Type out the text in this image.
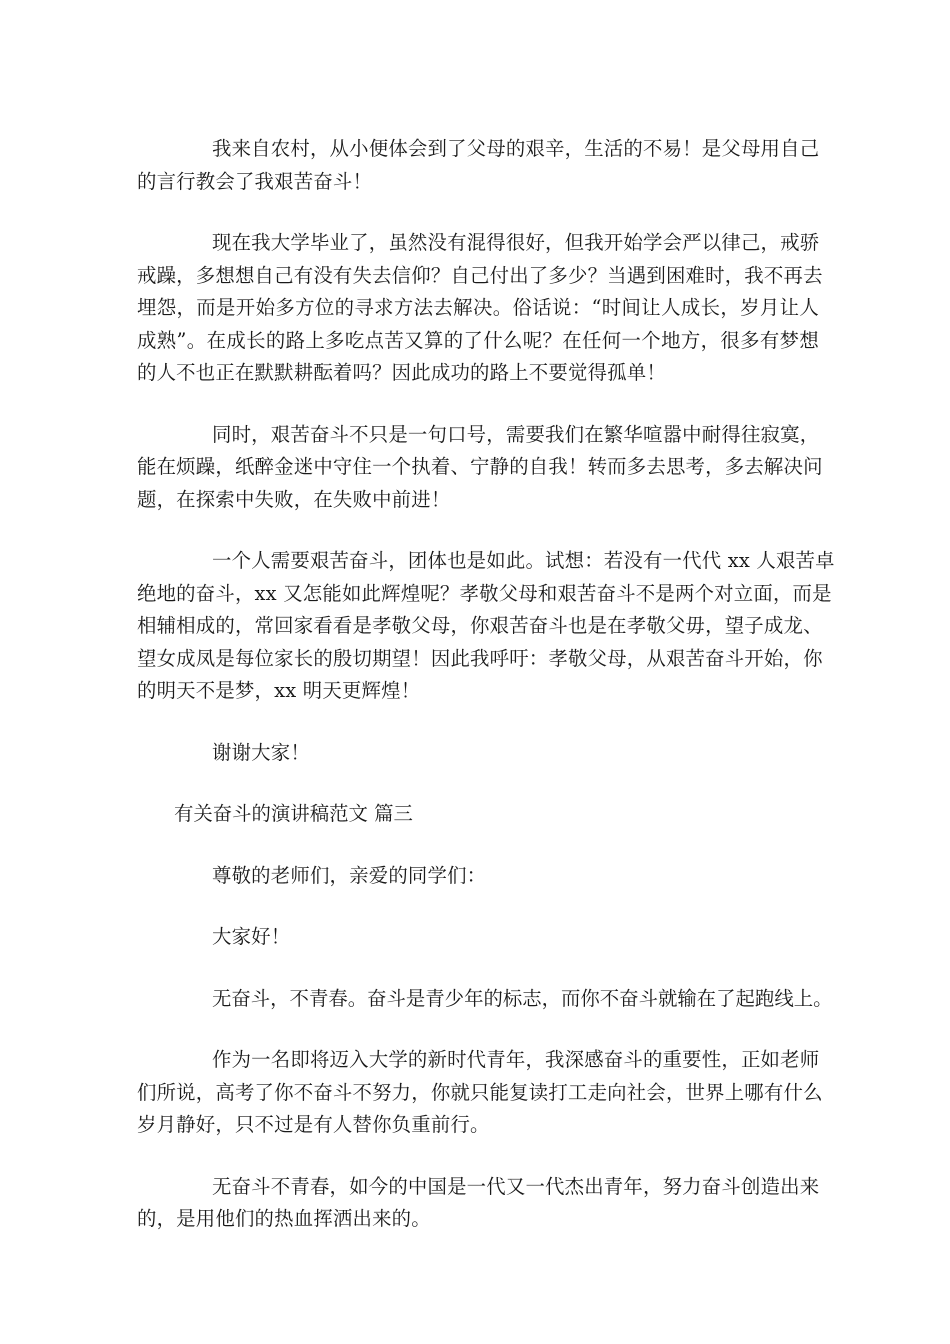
我来自农村，从小便体会到了父母的艰辛，生活的不易！是父母用自己
的言行教会了我艰苦奋斗！
现在我大学毕业了，虽然没有混得很好，但我开始学会严以律己，戒骄
戒躁，多想想自己有没有失去信仰？自己付出了多少？当遇到困难时，我不再去
埋怨，而是开始多方位的寻求方法去解决。俗话说：“时间让人成长，岁月让人
成熟”。在成长的路上多吃点苦又算的了什么呢？在任何一个地方，很多有梦想
的人不也正在默默耕酝着吗？因此成功的路上不要觉得孤单！
同时，艰苦奋斗不只是一句口号，需要我们在繁华喧嚣中耐得往寂寞，
能在烦躁，纸醉金迷中守住一个执着、宁静的自我！转而多去思考，多去解决问
题，在探索中失败，在失败中前进！
一个人需要艰苦奋斗，团体也是如此。试想：若没有一代代 xx 人艰苦卓
绝地的奋斗，xx 又怎能如此辉煌呢？孝敬父母和艰苦奋斗不是两个对立面，而是
相辅相成的，常回家看看是孝敬父母，你艰苦奋斗也是在孝敬父毋，望子成龙、
望女成凤是每位家长的殷切期望！因此我呼吁：孝敬父母，从艰苦奋斗开始，你
的明天不是梦，xx 明天更辉煌！
谢谢大家！
有关奋斗的演讲稿范文 篇三
尊敬的老师们，亲爱的同学们：
大家好！
无奋斗，不青春。奋斗是青少年的标志，而你不奋斗就输在了起跑线上。
作为一名即将迈入大学的新时代青年，我深感奋斗的重要性，正如老师
们所说，高考了你不奋斗不努力，你就只能复读打工走向社会，世界上哪有什么
岁月静好，只不过是有人替你负重前行。
无奋斗不青春，如今的中国是一代又一代杰出青年，努力奋斗创造出来
的，是用他们的热血挥洒出来的。
